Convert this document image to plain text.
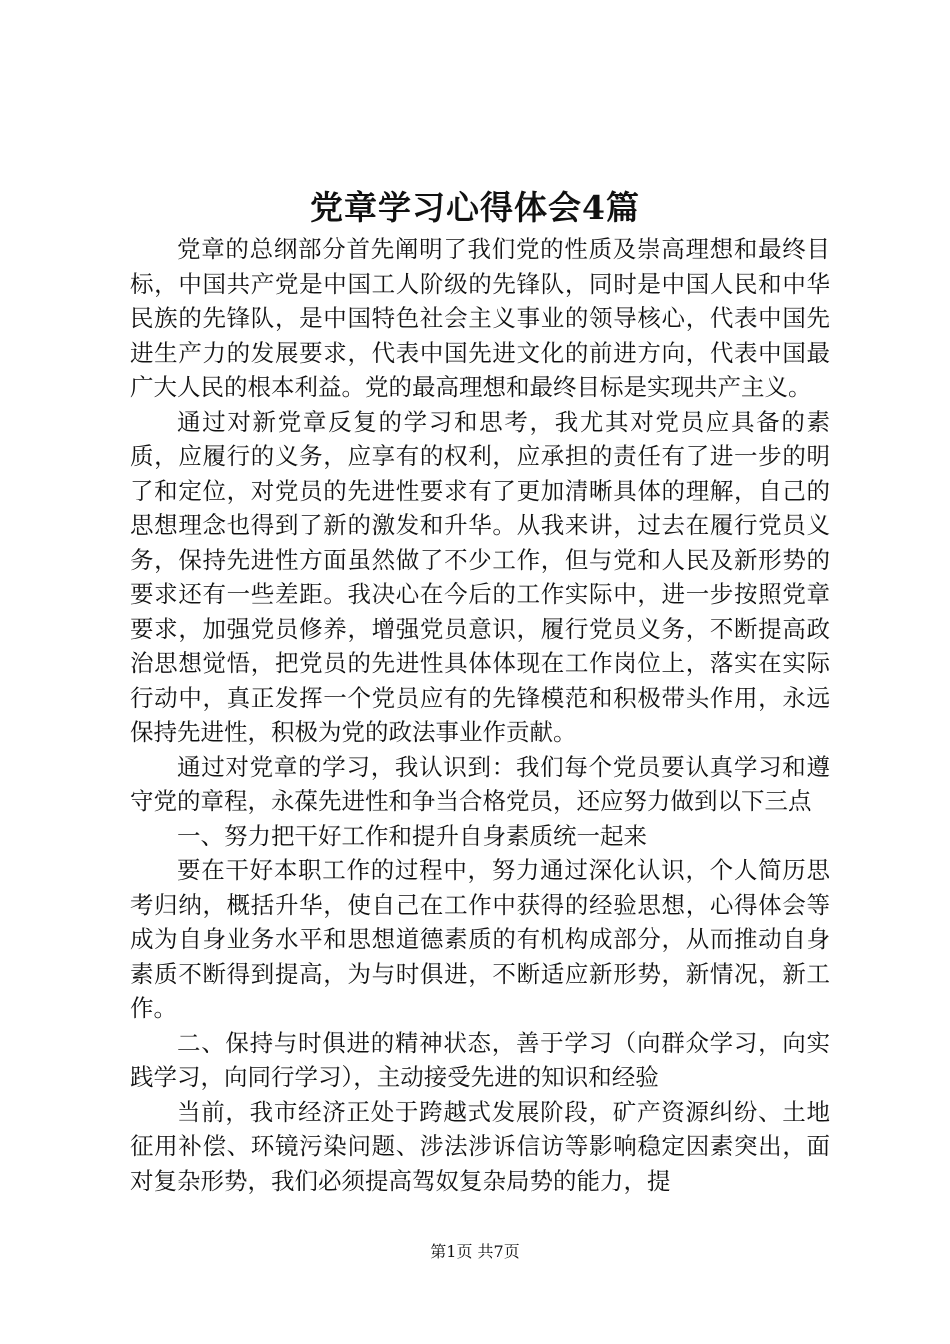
党章学习心得体会4篇

党章的总纲部分首先阐明了我们党的性质及崇高理想和最终目标，中国共产党是中国工人阶级的先锋队，同时是中国人民和中华民族的先锋队，是中国特色社会主义事业的领导核心，代表中国先进生产力的发展要求，代表中国先进文化的前进方向，代表中国最广大人民的根本利益。党的最高理想和最终目标是实现共产主义。

通过对新党章反复的学习和思考，我尤其对党员应具备的素质，应履行的义务，应享有的权利，应承担的责任有了进一步的明了和定位，对党员的先进性要求有了更加清晰具体的理解，自己的思想理念也得到了新的激发和升华。从我来讲，过去在履行党员义务，保持先进性方面虽然做了不少工作，但与党和人民及新形势的要求还有一些差距。我决心在今后的工作实际中，进一步按照党章要求，加强党员修养，增强党员意识，履行党员义务，不断提高政治思想觉悟，把党员的先进性具体体现在工作岗位上，落实在实际行动中，真正发挥一个党员应有的先锋模范和积极带头作用，永远保持先进性，积极为党的政法事业作贡献。

通过对党章的学习，我认识到：我们每个党员要认真学习和遵守党的章程，永葆先进性和争当合格党员，还应努力做到以下三点

一、努力把干好工作和提升自身素质统一起来

要在干好本职工作的过程中，努力通过深化认识，个人简历思考归纳，概括升华，使自己在工作中获得的经验思想，心得体会等成为自身业务水平和思想道德素质的有机构成部分，从而推动自身素质不断得到提高，为与时俱进，不断适应新形势，新情况，新工作。

二、保持与时俱进的精神状态，善于学习（向群众学习，向实践学习，向同行学习），主动接受先进的知识和经验

当前，我市经济正处于跨越式发展阶段，矿产资源纠纷、土地征用补偿、环镜污染问题、涉法涉诉信访等影响稳定因素突出，面对复杂形势，我们必须提高驾奴复杂局势的能力，提

第1页 共7页
